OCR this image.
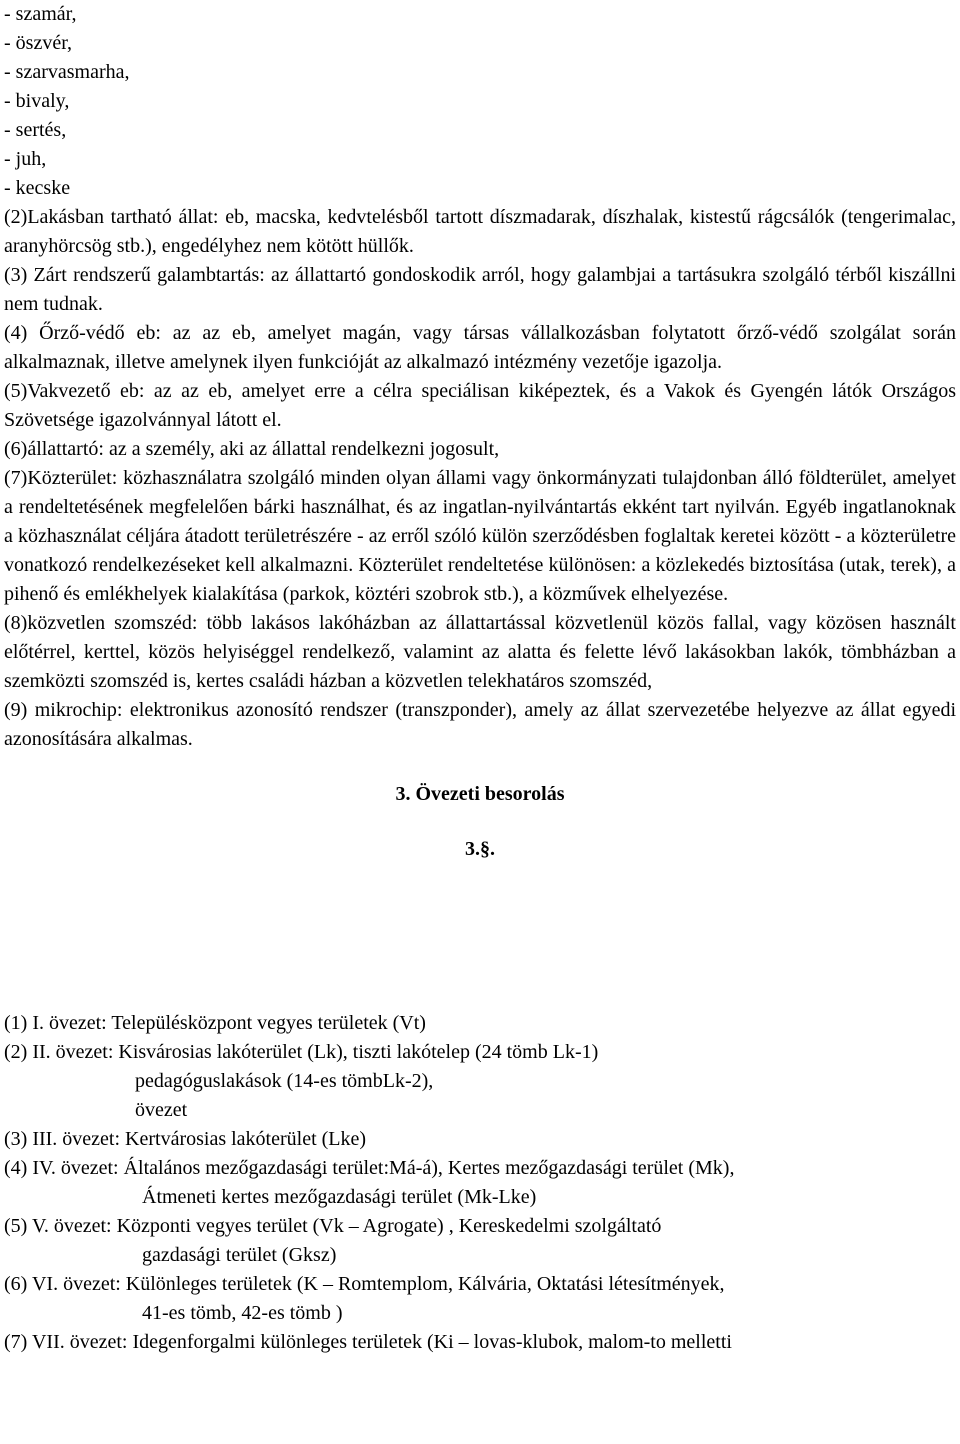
- szamár,
- öszvér,
- szarvasmarha,
- bivaly,
- sertés,
- juh,
- kecske
(2)Lakásban tartható állat: eb, macska, kedvtelésből tartott díszmadarak, díszhalak, kistestű rágcsálók (tengerimalac, aranyhörcsög stb.), engedélyhez nem kötött hüllők.
(3) Zárt rendszerű galambtartás: az állattartó gondoskodik arról, hogy galambjai a tartásukra szolgáló térből kiszállni nem tudnak.
(4) Őrző-védő eb: az az eb, amelyet magán, vagy társas vállalkozásban folytatott őrző-védő szolgálat során alkalmaznak, illetve amelynek ilyen funkcióját az alkalmazó intézmény vezetője igazolja.
(5)Vakvezető eb: az az eb, amelyet erre a célra speciálisan kiképeztek, és a Vakok és Gyengén látók Országos Szövetsége igazolvánnyal látott el.
(6)állattartó: az a személy, aki az állattal rendelkezni jogosult,
(7)Közterület: közhasználatra szolgáló minden olyan állami vagy önkormányzati tulajdonban álló földterület, amelyet a rendeltetésének megfelelően bárki használhat, és az ingatlan-nyilvántartás ekként tart nyilván. Egyéb ingatlanoknak a közhasználat céljára átadott területrészére - az erről szóló külön szerződésben foglaltak keretei között - a közterületre vonatkozó rendelkezéseket kell alkalmazni. Közterület rendeltetése különösen: a közlekedés biztosítása (utak, terek), a pihenő és emlékhelyek kialakítása (parkok, köztéri szobrok stb.), a közművek elhelyezése.
(8)közvetlen szomszéd: több lakásos lakóházban az állattartással közvetlenül közös fallal, vagy közösen használt előtérrel, kerttel, közös helyiséggel rendelkező, valamint az alatta és felette lévő lakásokban lakók, tömbházban a szemközti szomszéd is, kertes családi házban a közvetlen telekhatáros szomszéd,
(9) mikrochip: elektronikus azonosító rendszer (transzponder), amely az állat szervezetébe helyezve az állat egyedi azonosítására alkalmas.
3. Övezeti besorolás
3.§.
(1) I. övezet: Településközpont vegyes területek (Vt)
(2) II. övezet: Kisvárosias lakóterület (Lk), tiszti lakótelep (24 tömb Lk-1)
pedagóguslakások (14-es tömbLk-2),
övezet
(3) III. övezet: Kertvárosias lakóterület (Lke)
(4) IV. övezet: Általános mezőgazdasági terület:Má-á), Kertes mezőgazdasági terület (Mk),
Átmeneti kertes mezőgazdasági terület (Mk-Lke)
(5) V. övezet: Központi vegyes terület (Vk – Agrogate) , Kereskedelmi szolgáltató
gazdasági terület (Gksz)
(6) VI. övezet: Különleges területek (K – Romtemplom, Kálvária, Oktatási létesítmények,
41-es tömb, 42-es tömb )
(7) VII. övezet: Idegenforgalmi különleges területek (Ki – lovas-klubok, malom-to melletti
